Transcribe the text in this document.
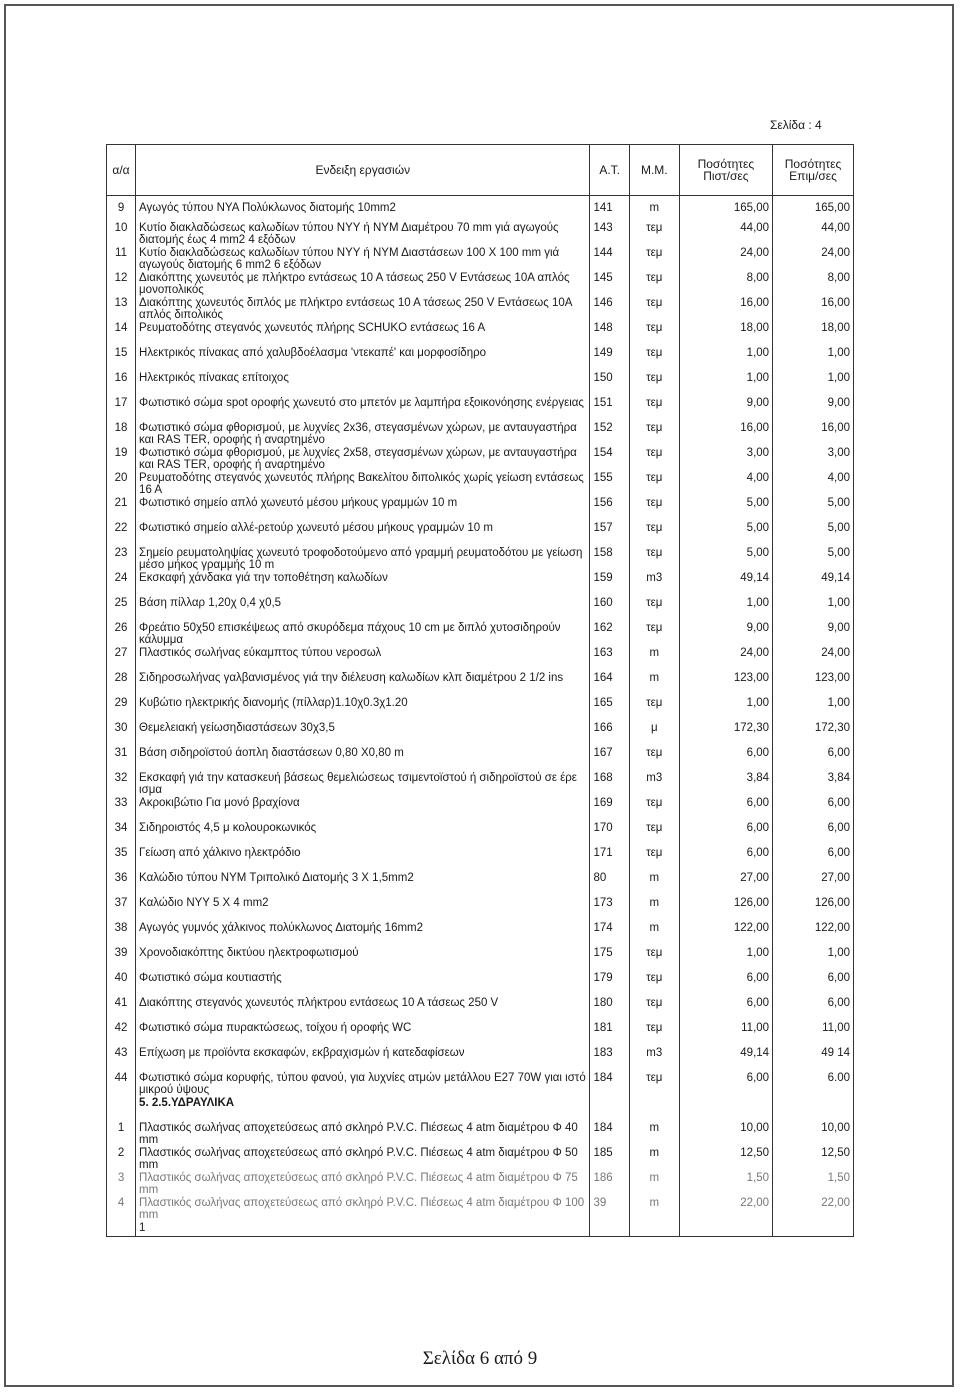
Σελίδα : 4
α/α	Ενδειξη εργασιών	Α.Τ.	Μ.Μ.	Ποσότητες Πιστ/σες	Ποσότητες Επιμ/σες
9	Αγωγός τύπου ΝΥΑ Πολύκλωνος διατομής 10mm2	141	m	165,00	165,00
10	Κυτίο διακλαδώσεως καλωδίων τύπου ΝΥΥ ή ΝΥΜ Διαμέτρου 70 mm γιά αγωγούς διατομής έως 4 mm2 4 εξόδων	143	τεμ	44,00	44,00
11	Κυτίο διακλαδώσεως καλωδίων τύπου ΝΥΥ ή ΝΥΜ Διαστάσεων 100 Χ 100 mm γιά αγωγούς διατομής 6 mm2 6 εξόδων	144	τεμ	24,00	24,00
12	Διακόπτης χωνευτός με πλήκτρο εντάσεως 10 Α τάσεως 250 V Εντάσεως 10Α απλός μονοπολικός	145	τεμ	8,00	8,00
13	Διακόπτης χωνευτός διπλός με πλήκτρο εντάσεως 10 Α τάσεως 250 V Εντάσεως 10Α απλός διπολικός	146	τεμ	16,00	16,00
14	Ρευματοδότης στεγανός χωνευτός πλήρης SCHUKO εντάσεως 16 Α	148	τεμ	18,00	18,00
15	Ηλεκτρικός πίνακας από χαλυβδοέλασμα 'ντεκαπέ' και μορφοσίδηρο	149	τεμ	1,00	1,00
16	Ηλεκτρικός πίνακας επίτοιχος	150	τεμ	1,00	1,00
17	Φωτιστικό σώμα spot οροφής χωνευτό στο μπετόν με λαμπήρα εξοικονόησης ενέργειας	151	τεμ	9,00	9,00
18	Φωτιστικό σώμα φθορισμού, με λυχνίες 2x36, στεγασμένων χώρων, με ανταυγαστήρα και RAS TER, οροφής ή αναρτημένο	152	τεμ	16,00	16,00
19	Φωτιστικό σώμα φθορισμού, με λυχνίες 2x58, στεγασμένων χώρων, με ανταυγαστήρα και RAS TER, οροφής ή αναρτημένο	154	τεμ	3,00	3,00
20	Ρευματοδότης στεγανός χωνευτός πλήρης Βακελίτου διπολικός χωρίς γείωση εντάσεως 16 Α	155	τεμ	4,00	4,00
21	Φωτιστικό σημείο απλό χωνευτό μέσου μήκους γραμμών 10 m	156	τεμ	5,00	5,00
22	Φωτιστικό σημείο αλλέ-ρετούρ χωνευτό μέσου μήκους γραμμών 10 m	157	τεμ	5,00	5,00
23	Σημείο ρευματοληψίας χωνευτό τροφοδοτούμενο από γραμμή ρευματοδότου με γείωση μέσο μήκος γραμμής 10 m	158	τεμ	5,00	5,00
24	Εκσκαφή χάνδακα γιά την τοποθέτηση καλωδίων	159	m3	49,14	49,14
25	Βάση πίλλαρ 1,20χ 0,4 χ0,5	160	τεμ	1,00	1,00
26	Φρεάτιο 50χ50 επισκέψεως από σκυρόδεμα πάχους 10 cm με διπλό χυτοσιδηρούν κάλυμμα	162	τεμ	9,00	9,00
27	Πλαστικός σωλήνας εύκαμπτος τύπου νεροσωλ	163	m	24,00	24,00
28	Σιδηροσωλήνας γαλβανισμένος γιά την διέλευση καλωδίων κλπ διαμέτρου 2 1/2 ins	164	m	123,00	123,00
29	Κυβώτιο ηλεκτρικής διανομής (πίλλαρ)1.10χ0.3χ1.20	165	τεμ	1,00	1,00
30	Θεμελειακή γείωσηδιαστάσεων 30χ3,5	166	μ	172,30	172,30
31	Βάση σιδηροϊστού άοπλη διαστάσεων 0,80 Χ0,80 m	167	τεμ	6,00	6,00
32	Εκσκαφή γιά την κατασκευή βάσεως θεμελιώσεως τσιμεντοϊστού ή σιδηροϊστού σε έρε ισμα	168	m3	3,84	3,84
33	Ακροκιβώτιο Για μονό βραχίονα	169	τεμ	6,00	6,00
34	Σιδηροιστός 4,5 μ κολουροκωνικός	170	τεμ	6,00	6,00
35	Γείωση από χάλκινο ηλεκτρόδιο	171	τεμ	6,00	6,00
36	Καλώδιο τύπου ΝΥΜ Τριπολικό Διατομής 3 Χ 1,5mm2	80	m	27,00	27,00
37	Καλώδιο ΝΥΥ 5 Χ 4 mm2	173	m	126,00	126,00
38	Αγωγός γυμνός χάλκινος πολύκλωνος Διατομής 16mm2	174	m	122,00	122,00
39	Χρονοδιακόπτης δικτύου ηλεκτροφωτισμού	175	τεμ	1,00	1,00
40	Φωτιστικό σώμα κουτιαστής	179	τεμ	6,00	6,00
41	Διακόπτης στεγανός χωνευτός πλήκτρου εντάσεως 10 Α τάσεως 250 V	180	τεμ	6,00	6,00
42	Φωτιστικό σώμα πυρακτώσεως, τοίχου ή οροφής WC	181	τεμ	11,00	11,00
43	Επίχωση με προϊόντα εκσκαφών, εκβραχισμών ή κατεδαφίσεων	183	m3	49,14	49 14
44	Φωτιστικό σώμα κορυφής, τύπου φανού, για λυχνίες ατμών μετάλλου Ε27 70W γιαι ιστό μικρού ύψους	184	τεμ	6,00	6.00
	5. 2.5.ΥΔΡΑΥΛΙΚΑ				
1	Πλαστικός σωλήνας αποχετεύσεως από σκληρό P.V.C. Πιέσεως 4 atm διαμέτρου Φ 40 mm	184	m	10,00	10,00
2	Πλαστικός σωλήνας αποχετεύσεως από σκληρό P.V.C. Πιέσεως 4 atm διαμέτρου Φ 50 mm	185	m	12,50	12,50
3	Πλαστικός σωλήνας αποχετεύσεως από σκληρό P.V.C. Πιέσεως 4 atm διαμέτρου Φ 75 mm	186	m	1,50	1,50
4	Πλαστικός σωλήνας αποχετεύσεως από σκληρό P.V.C. Πιέσεως 4 atm διαμέτρου Φ 100 mm	39	m	22,00	22,00
	1				
Σελίδα 6 από 9
